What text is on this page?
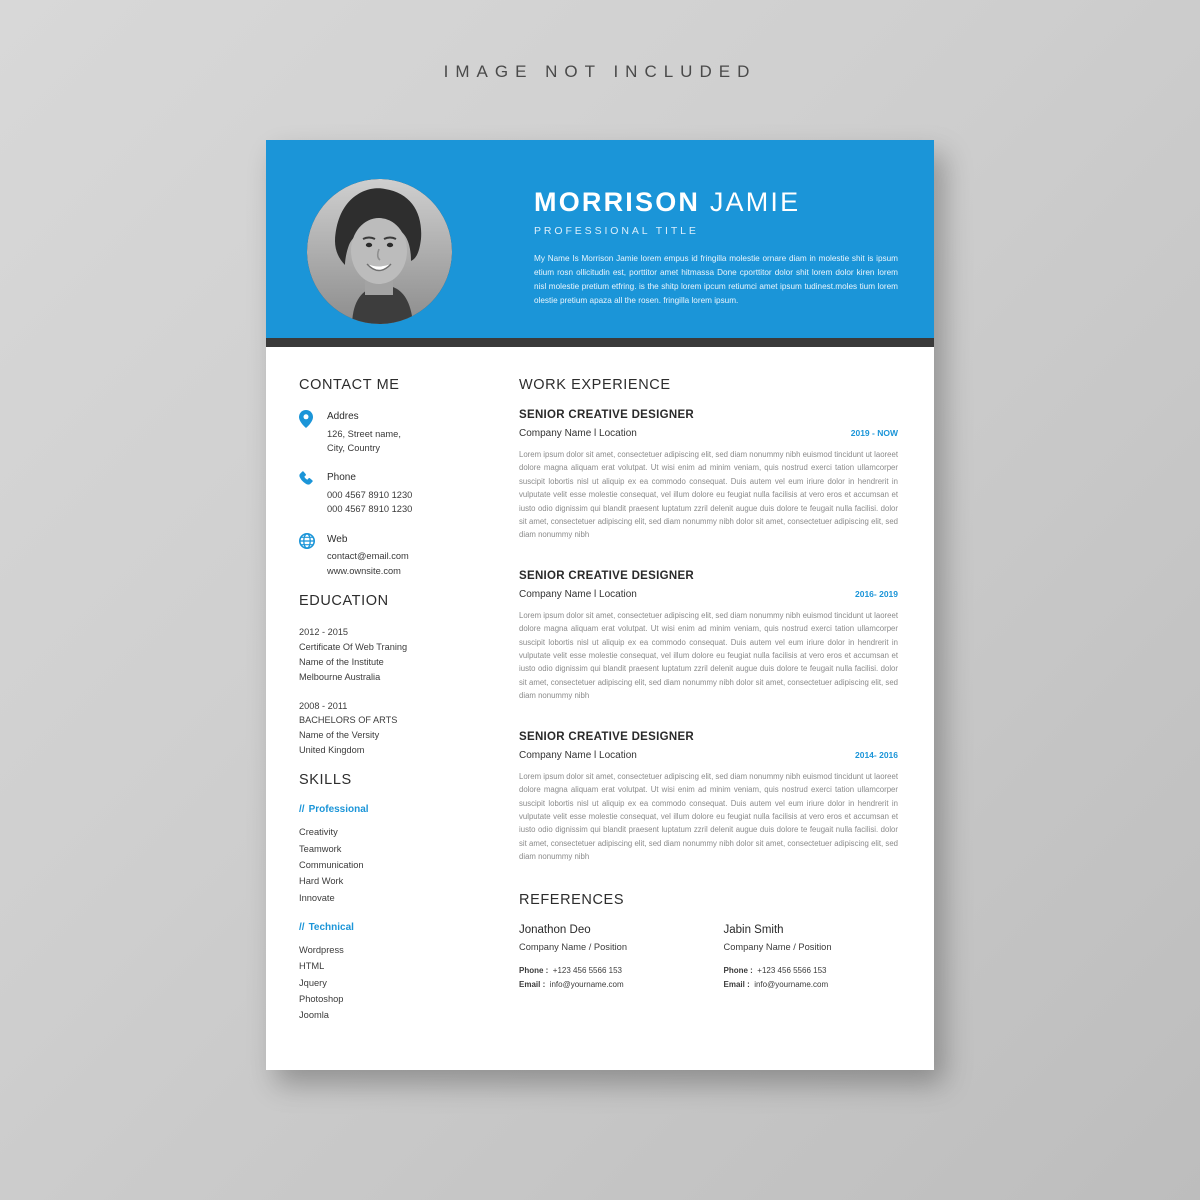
IMAGE NOT INCLUDED
MORRISON JAMIE
PROFESSIONAL TITLE
My Name Is Morrison Jamie lorem empus id fringilla molestie ornare diam in molestie shit is ipsum etium rosn ollicitudin est, porttitor amet hitmassa Done cporttitor dolor shit lorem dolor kiren lorem nisl molestie pretium etfring. is the shitp lorem ipcum retiumci amet ipsum tudinest.moles tium lorem olestie pretium apaza all the rosen. fringilla lorem ipsum.
CONTACT ME
Addres
126, Street name,
City, Country
Phone
000 4567 8910 1230
000 4567 8910 1230
Web
contact@email.com
www.ownsite.com
EDUCATION
2012 - 2015
Certificate Of Web Traning
Name of the Institute
Melbourne Australia
2008 - 2011
BACHELORS OF ARTS
Name of the Versity
United Kingdom
SKILLS
// Professional
Creativity
Teamwork
Communication
Hard Work
Innovate
// Technical
Wordpress
HTML
Jquery
Photoshop
Joomla
WORK EXPERIENCE
SENIOR CREATIVE DESIGNER
Company Name l Location	2019 - NOW
Lorem ipsum dolor sit amet, consectetuer adipiscing elit, sed diam nonummy nibh euismod tincidunt ut laoreet dolore magna aliquam erat volutpat. Ut wisi enim ad minim veniam, quis nostrud exerci tation ullamcorper suscipit lobortis nisl ut aliquip ex ea commodo consequat. Duis autem vel eum iriure dolor in hendrerit in vulputate velit esse molestie consequat, vel illum dolore eu feugiat nulla facilisis at vero eros et accumsan et iusto odio dignissim qui blandit praesent luptatum zzril delenit augue duis dolore te feugait nulla facilisi. dolor sit amet, consectetuer adipiscing elit, sed diam nonummy nibh dolor sit amet, consectetuer adipiscing elit, sed diam nonummy nibh
SENIOR CREATIVE DESIGNER
Company Name l Location	2016- 2019
Lorem ipsum dolor sit amet, consectetuer adipiscing elit, sed diam nonummy nibh euismod tincidunt ut laoreet dolore magna aliquam erat volutpat. Ut wisi enim ad minim veniam, quis nostrud exerci tation ullamcorper suscipit lobortis nisl ut aliquip ex ea commodo consequat. Duis autem vel eum iriure dolor in hendrerit in vulputate velit esse molestie consequat, vel illum dolore eu feugiat nulla facilisis at vero eros et accumsan et iusto odio dignissim qui blandit praesent luptatum zzril delenit augue duis dolore te feugait nulla facilisi. dolor sit amet, consectetuer adipiscing elit, sed diam nonummy nibh dolor sit amet, consectetuer adipiscing elit, sed diam nonummy nibh
SENIOR CREATIVE DESIGNER
Company Name l Location	2014- 2016
Lorem ipsum dolor sit amet, consectetuer adipiscing elit, sed diam nonummy nibh euismod tincidunt ut laoreet dolore magna aliquam erat volutpat. Ut wisi enim ad minim veniam, quis nostrud exerci tation ullamcorper suscipit lobortis nisl ut aliquip ex ea commodo consequat. Duis autem vel eum iriure dolor in hendrerit in vulputate velit esse molestie consequat, vel illum dolore eu feugiat nulla facilisis at vero eros et accumsan et iusto odio dignissim qui blandit praesent luptatum zzril delenit augue duis dolore te feugait nulla facilisi. dolor sit amet, consectetuer adipiscing elit, sed diam nonummy nibh dolor sit amet, consectetuer adipiscing elit, sed diam nonummy nibh
REFERENCES
Jonathon Deo
Company Name / Position
Phone : +123 456 5566 153
Email : info@yourname.com
Jabin Smith
Company Name / Position
Phone : +123 456 5566 153
Email : info@yourname.com
